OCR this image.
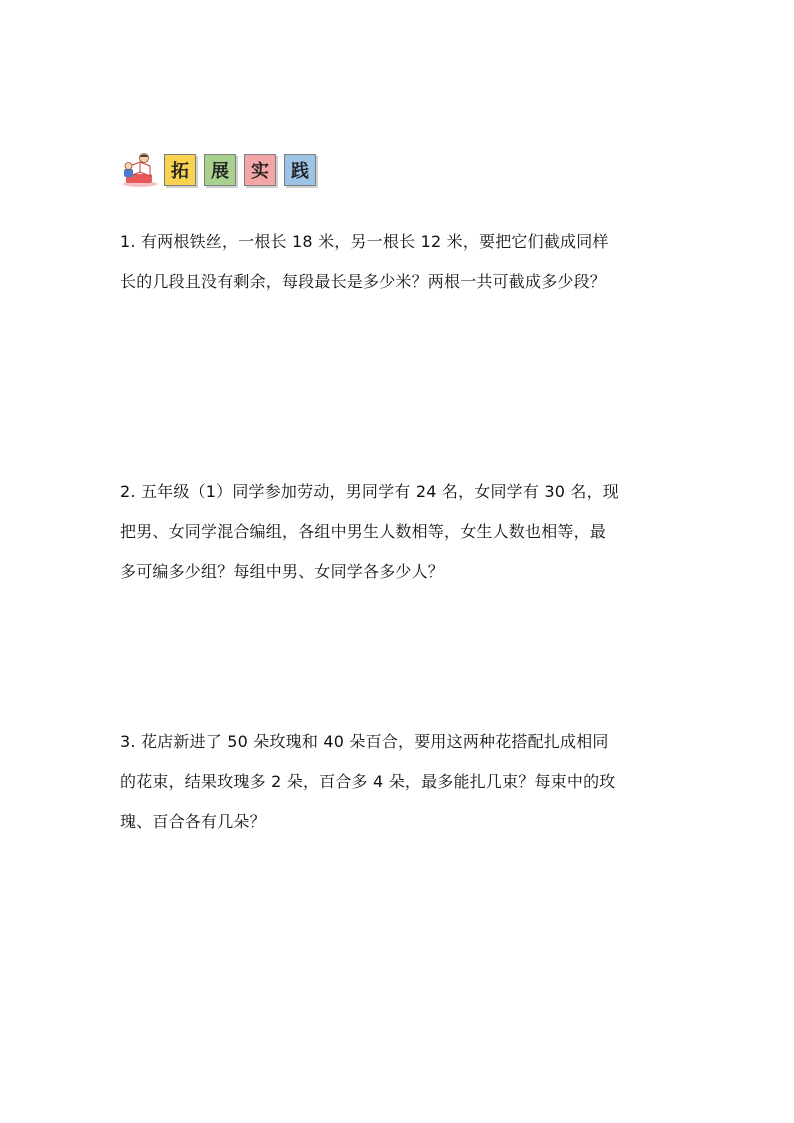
拓	展	实	践
1. 有两根铁丝，一根长 18 米，另一根长 12 米，要把它们截成同样
长的几段且没有剩余，每段最长是多少米？两根一共可截成多少段？
2. 五年级（1）同学参加劳动，男同学有 24 名，女同学有 30 名，现
把男、女同学混合编组，各组中男生人数相等，女生人数也相等，最
多可编多少组？每组中男、女同学各多少人？
3. 花店新进了 50 朵玫瑰和 40 朵百合，要用这两种花搭配扎成相同
的花束，结果玫瑰多 2 朵，百合多 4 朵，最多能扎几束？每束中的玫
瑰、百合各有几朵？
